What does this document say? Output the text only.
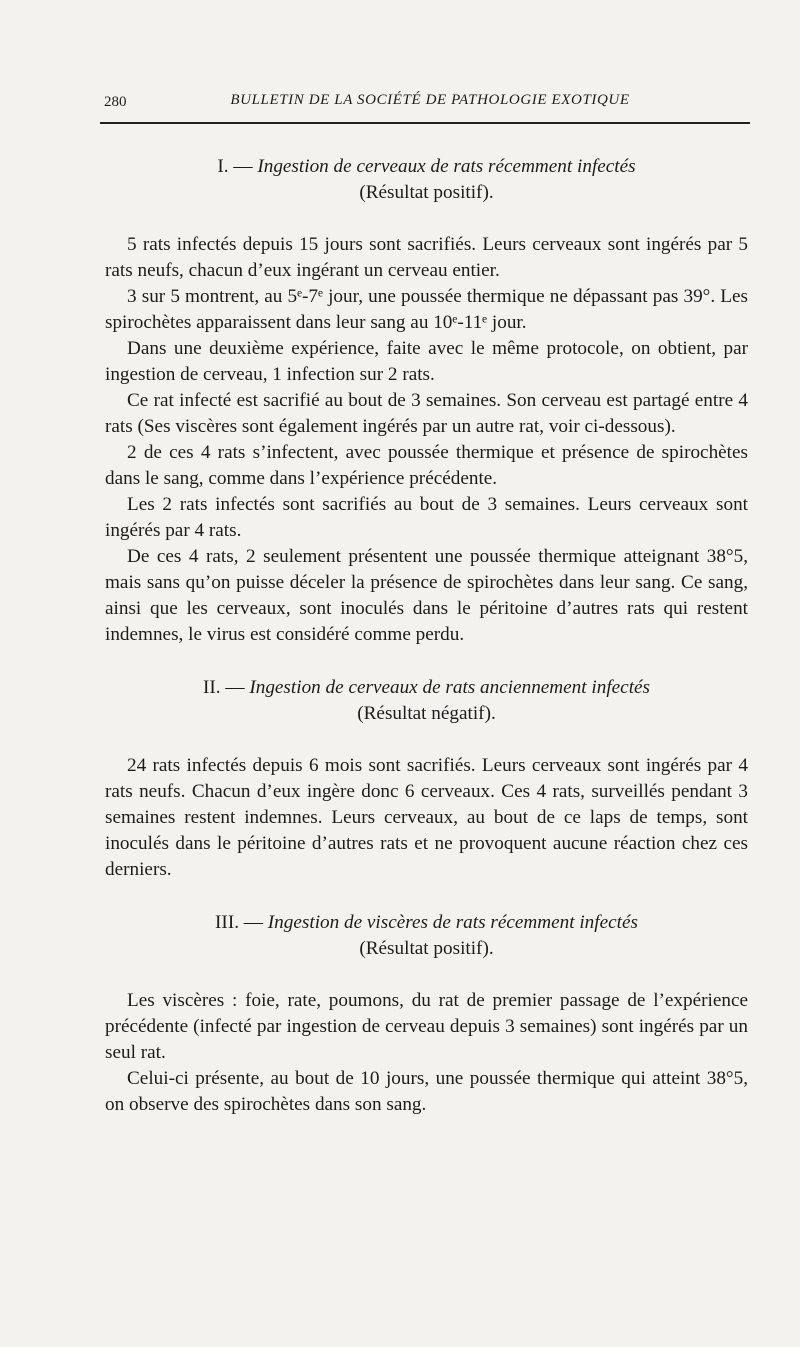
280	BULLETIN DE LA SOCIÉTÉ DE PATHOLOGIE EXOTIQUE
I. — Ingestion de cerveaux de rats récemment infectés
(Résultat positif).

5 rats infectés depuis 15 jours sont sacrifiés. Leurs cerveaux sont ingérés par 5 rats neufs, chacun d’eux ingérant un cerveau entier.

3 sur 5 montrent, au 5ᵉ-7ᵉ jour, une poussée thermique ne dépassant pas 39°. Les spirochètes apparaissent dans leur sang au 10ᵉ-11ᵉ jour.

Dans une deuxième expérience, faite avec le même protocole, on obtient, par ingestion de cerveau, 1 infection sur 2 rats.

Ce rat infecté est sacrifié au bout de 3 semaines. Son cerveau est partagé entre 4 rats (Ses viscères sont également ingérés par un autre rat, voir ci-dessous).

2 de ces 4 rats s’infectent, avec poussée thermique et présence de spirochètes dans le sang, comme dans l’expérience précédente.

Les 2 rats infectés sont sacrifiés au bout de 3 semaines. Leurs cerveaux sont ingérés par 4 rats.

De ces 4 rats, 2 seulement présentent une poussée thermique atteignant 38°5, mais sans qu’on puisse déceler la présence de spirochètes dans leur sang. Ce sang, ainsi que les cerveaux, sont inoculés dans le péritoine d’autres rats qui restent indemnes, le virus est considéré comme perdu.

II. — Ingestion de cerveaux de rats anciennement infectés
(Résultat négatif).

24 rats infectés depuis 6 mois sont sacrifiés. Leurs cerveaux sont ingérés par 4 rats neufs. Chacun d’eux ingère donc 6 cerveaux. Ces 4 rats, surveillés pendant 3 semaines restent indemnes. Leurs cerveaux, au bout de ce laps de temps, sont inoculés dans le péritoine d’autres rats et ne provoquent aucune réaction chez ces derniers.

III. — Ingestion de viscères de rats récemment infectés
(Résultat positif).

Les viscères : foie, rate, poumons, du rat de premier passage de l’expérience précédente (infecté par ingestion de cerveau depuis 3 semaines) sont ingérés par un seul rat.

Celui-ci présente, au bout de 10 jours, une poussée thermique qui atteint 38°5, on observe des spirochètes dans son sang.
